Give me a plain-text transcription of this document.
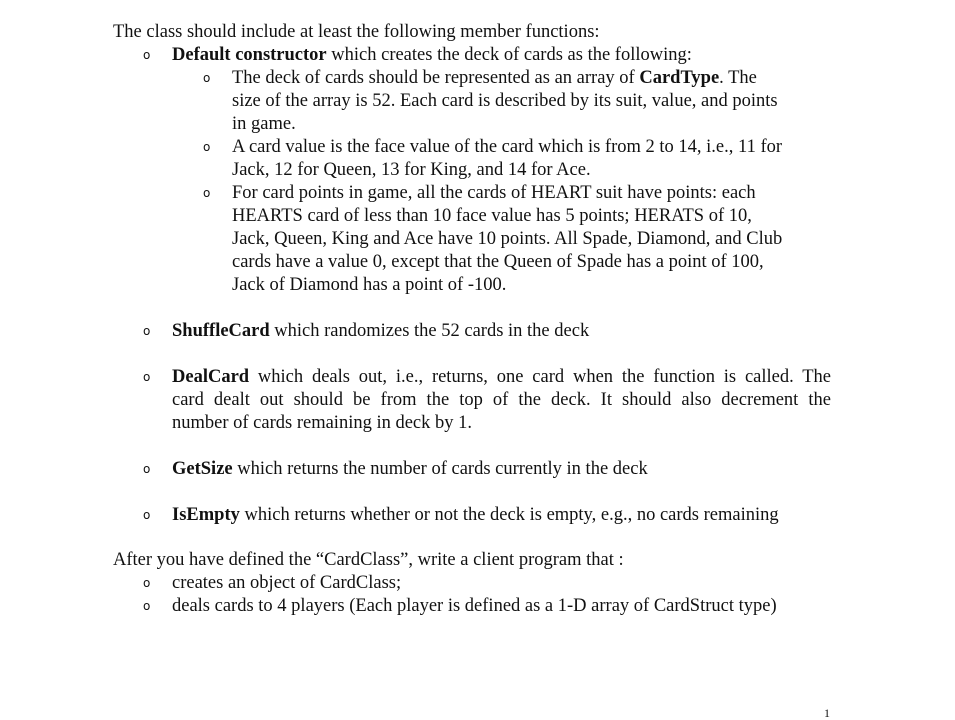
The class should include at least the following member functions:
o Default constructor which creates the deck of cards as the following:
o The deck of cards should be represented as an array of CardType. The
size of the array is 52. Each card is described by its suit, value, and points
in game.
o A card value is the face value of the card which is from 2 to 14, i.e., 11 for
Jack, 12 for Queen, 13 for King, and 14 for Ace.
o For card points in game, all the cards of HEART suit have points: each
HEARTS card of less than 10 face value has 5 points; HERATS of 10,
Jack, Queen, King and Ace have 10 points. All Spade, Diamond, and Club
cards have a value 0, except that the Queen of Spade has a point of 100,
Jack of Diamond has a point of -100.
o ShuffleCard which randomizes the 52 cards in the deck
o DealCard which deals out, i.e., returns, one card when the function is called. The
card dealt out should be from the top of the deck. It should also decrement the
number of cards remaining in deck by 1.
o GetSize which returns the number of cards currently in the deck
o IsEmpty which returns whether or not the deck is empty, e.g., no cards remaining
After you have defined the “CardClass”, write a client program that :
o creates an object of CardClass;
o deals cards to 4 players (Each player is defined as a 1-D array of CardStruct type)
1
